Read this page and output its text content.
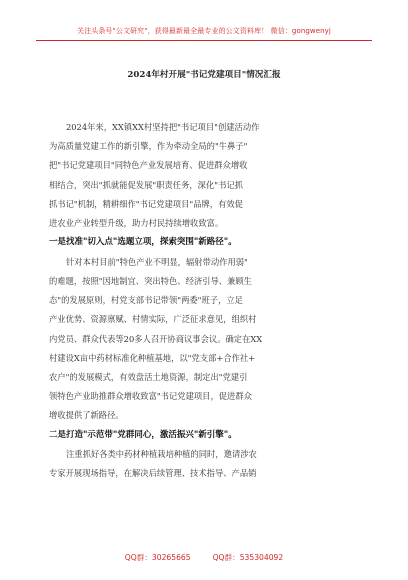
关注头条号"公文研究"，获得最新最全最专业的公文资料库！ 微信：gongwenyj
2024年村开展"书记党建项目"情况汇报
2024年来，XX镇XX村坚持把"书记项目"创建活动作
为高质量党建工作的新引擎，作为牵动全局的"牛鼻子"
把"书记党建项目"同特色产业发展培育、促进群众增收
相结合，突出"抓就能促发展"职责任务，深化"书记抓
抓书记"机制，精耕细作"书记党建项目"品牌，有效促
进农业产业转型升级，助力村民持续增收致富。
一是找准"切入点"选题立项，探索突围"新路径"。
针对本村目前"特色产业不明显，辐射带动作用弱"
的难题，按照"因地制宜、突出特色、经济引导、兼顾生
态"的发展原则，村党支部书记带领"两委"班子，立足
产业优势、资源禀赋、村情实际，广泛征求意见，组织村
内党员、群众代表等20多人召开协商议事会议。确定在XX
村建设X亩中药材标准化种植基地，以"党支部+合作社+
农户"的发展模式，有效盘活土地资源，制定出"党建引
领特色产业助推群众增收致富"书记党建项目，促进群众
增收提供了新路径。
二是打造"示范带"党群同心，激活振兴"新引擎"。
注重抓好各类中药材种植栽培种植的同时，邀请涉农
专家开展现场指导，在解决后续管理、技术指导、产品销
QQ群：30265665	QQ群：535304092
